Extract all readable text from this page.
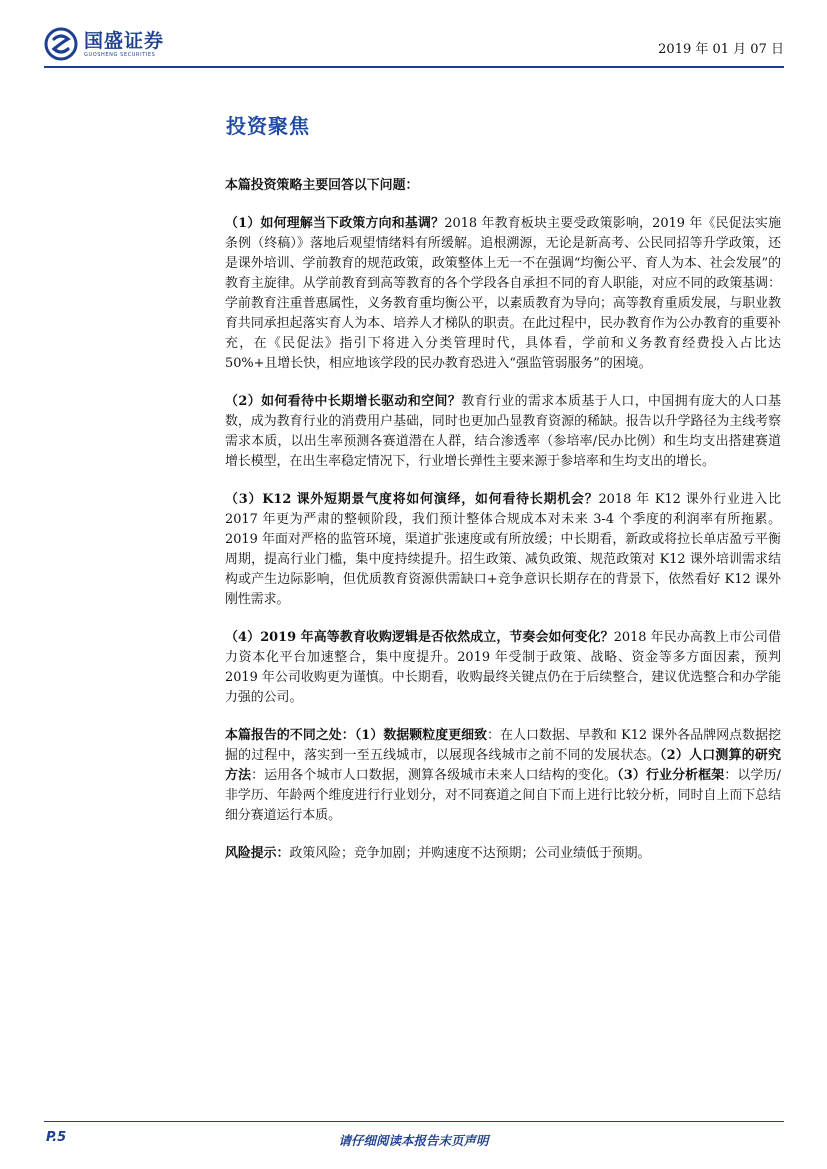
国盛证券
GUOSHENG SECURITIES	2019 年 01 月 07 日
投资聚焦

本篇投资策略主要回答以下问题：

（1）如何理解当下政策方向和基调？2018 年教育板块主要受政策影响，2019 年《民促法实施条例（终稿）》落地后观望情绪料有所缓解。追根溯源，无论是新高考、公民同招等升学政策，还是课外培训、学前教育的规范政策，政策整体上无一不在强调“均衡公平、育人为本、社会发展”的教育主旋律。从学前教育到高等教育的各个学段各自承担不同的育人职能，对应不同的政策基调：学前教育注重普惠属性，义务教育重均衡公平，以素质教育为导向；高等教育重质发展，与职业教育共同承担起落实育人为本、培养人才梯队的职责。在此过程中，民办教育作为公办教育的重要补充，在《民促法》指引下将进入分类管理时代，具体看，学前和义务教育经费投入占比达 50%+且增长快，相应地该学段的民办教育恐进入“强监管弱服务”的困境。

（2）如何看待中长期增长驱动和空间？教育行业的需求本质基于人口，中国拥有庞大的人口基数，成为教育行业的消费用户基础，同时也更加凸显教育资源的稀缺。报告以升学路径为主线考察需求本质，以出生率预测各赛道潜在人群，结合渗透率（参培率/民办比例）和生均支出搭建赛道增长模型，在出生率稳定情况下，行业增长弹性主要来源于参培率和生均支出的增长。

（3）K12 课外短期景气度将如何演绎，如何看待长期机会？2018 年 K12 课外行业进入比 2017 年更为严肃的整顿阶段，我们预计整体合规成本对未来 3-4 个季度的利润率有所拖累。2019 年面对严格的监管环境，渠道扩张速度或有所放缓；中长期看，新政或将拉长单店盈亏平衡周期，提高行业门槛，集中度持续提升。招生政策、减负政策、规范政策对 K12 课外培训需求结构或产生边际影响，但优质教育资源供需缺口+竞争意识长期存在的背景下，依然看好 K12 课外刚性需求。

（4）2019 年高等教育收购逻辑是否依然成立，节奏会如何变化？2018 年民办高教上市公司借力资本化平台加速整合，集中度提升。2019 年受制于政策、战略、资金等多方面因素，预判 2019 年公司收购更为谨慎。中长期看，收购最终关键点仍在于后续整合，建议优选整合和办学能力强的公司。

本篇报告的不同之处：（1）数据颗粒度更细致：在人口数据、早教和 K12 课外各品牌网点数据挖掘的过程中，落实到一至五线城市，以展现各线城市之前不同的发展状态。（2）人口测算的研究方法：运用各个城市人口数据，测算各级城市未来人口结构的变化。（3）行业分析框架：以学历/非学历、年龄两个维度进行行业划分，对不同赛道之间自下而上进行比较分析，同时自上而下总结细分赛道运行本质。

风险提示：政策风险；竞争加剧；并购速度不达预期；公司业绩低于预期。

P.5	请仔细阅读本报告末页声明
